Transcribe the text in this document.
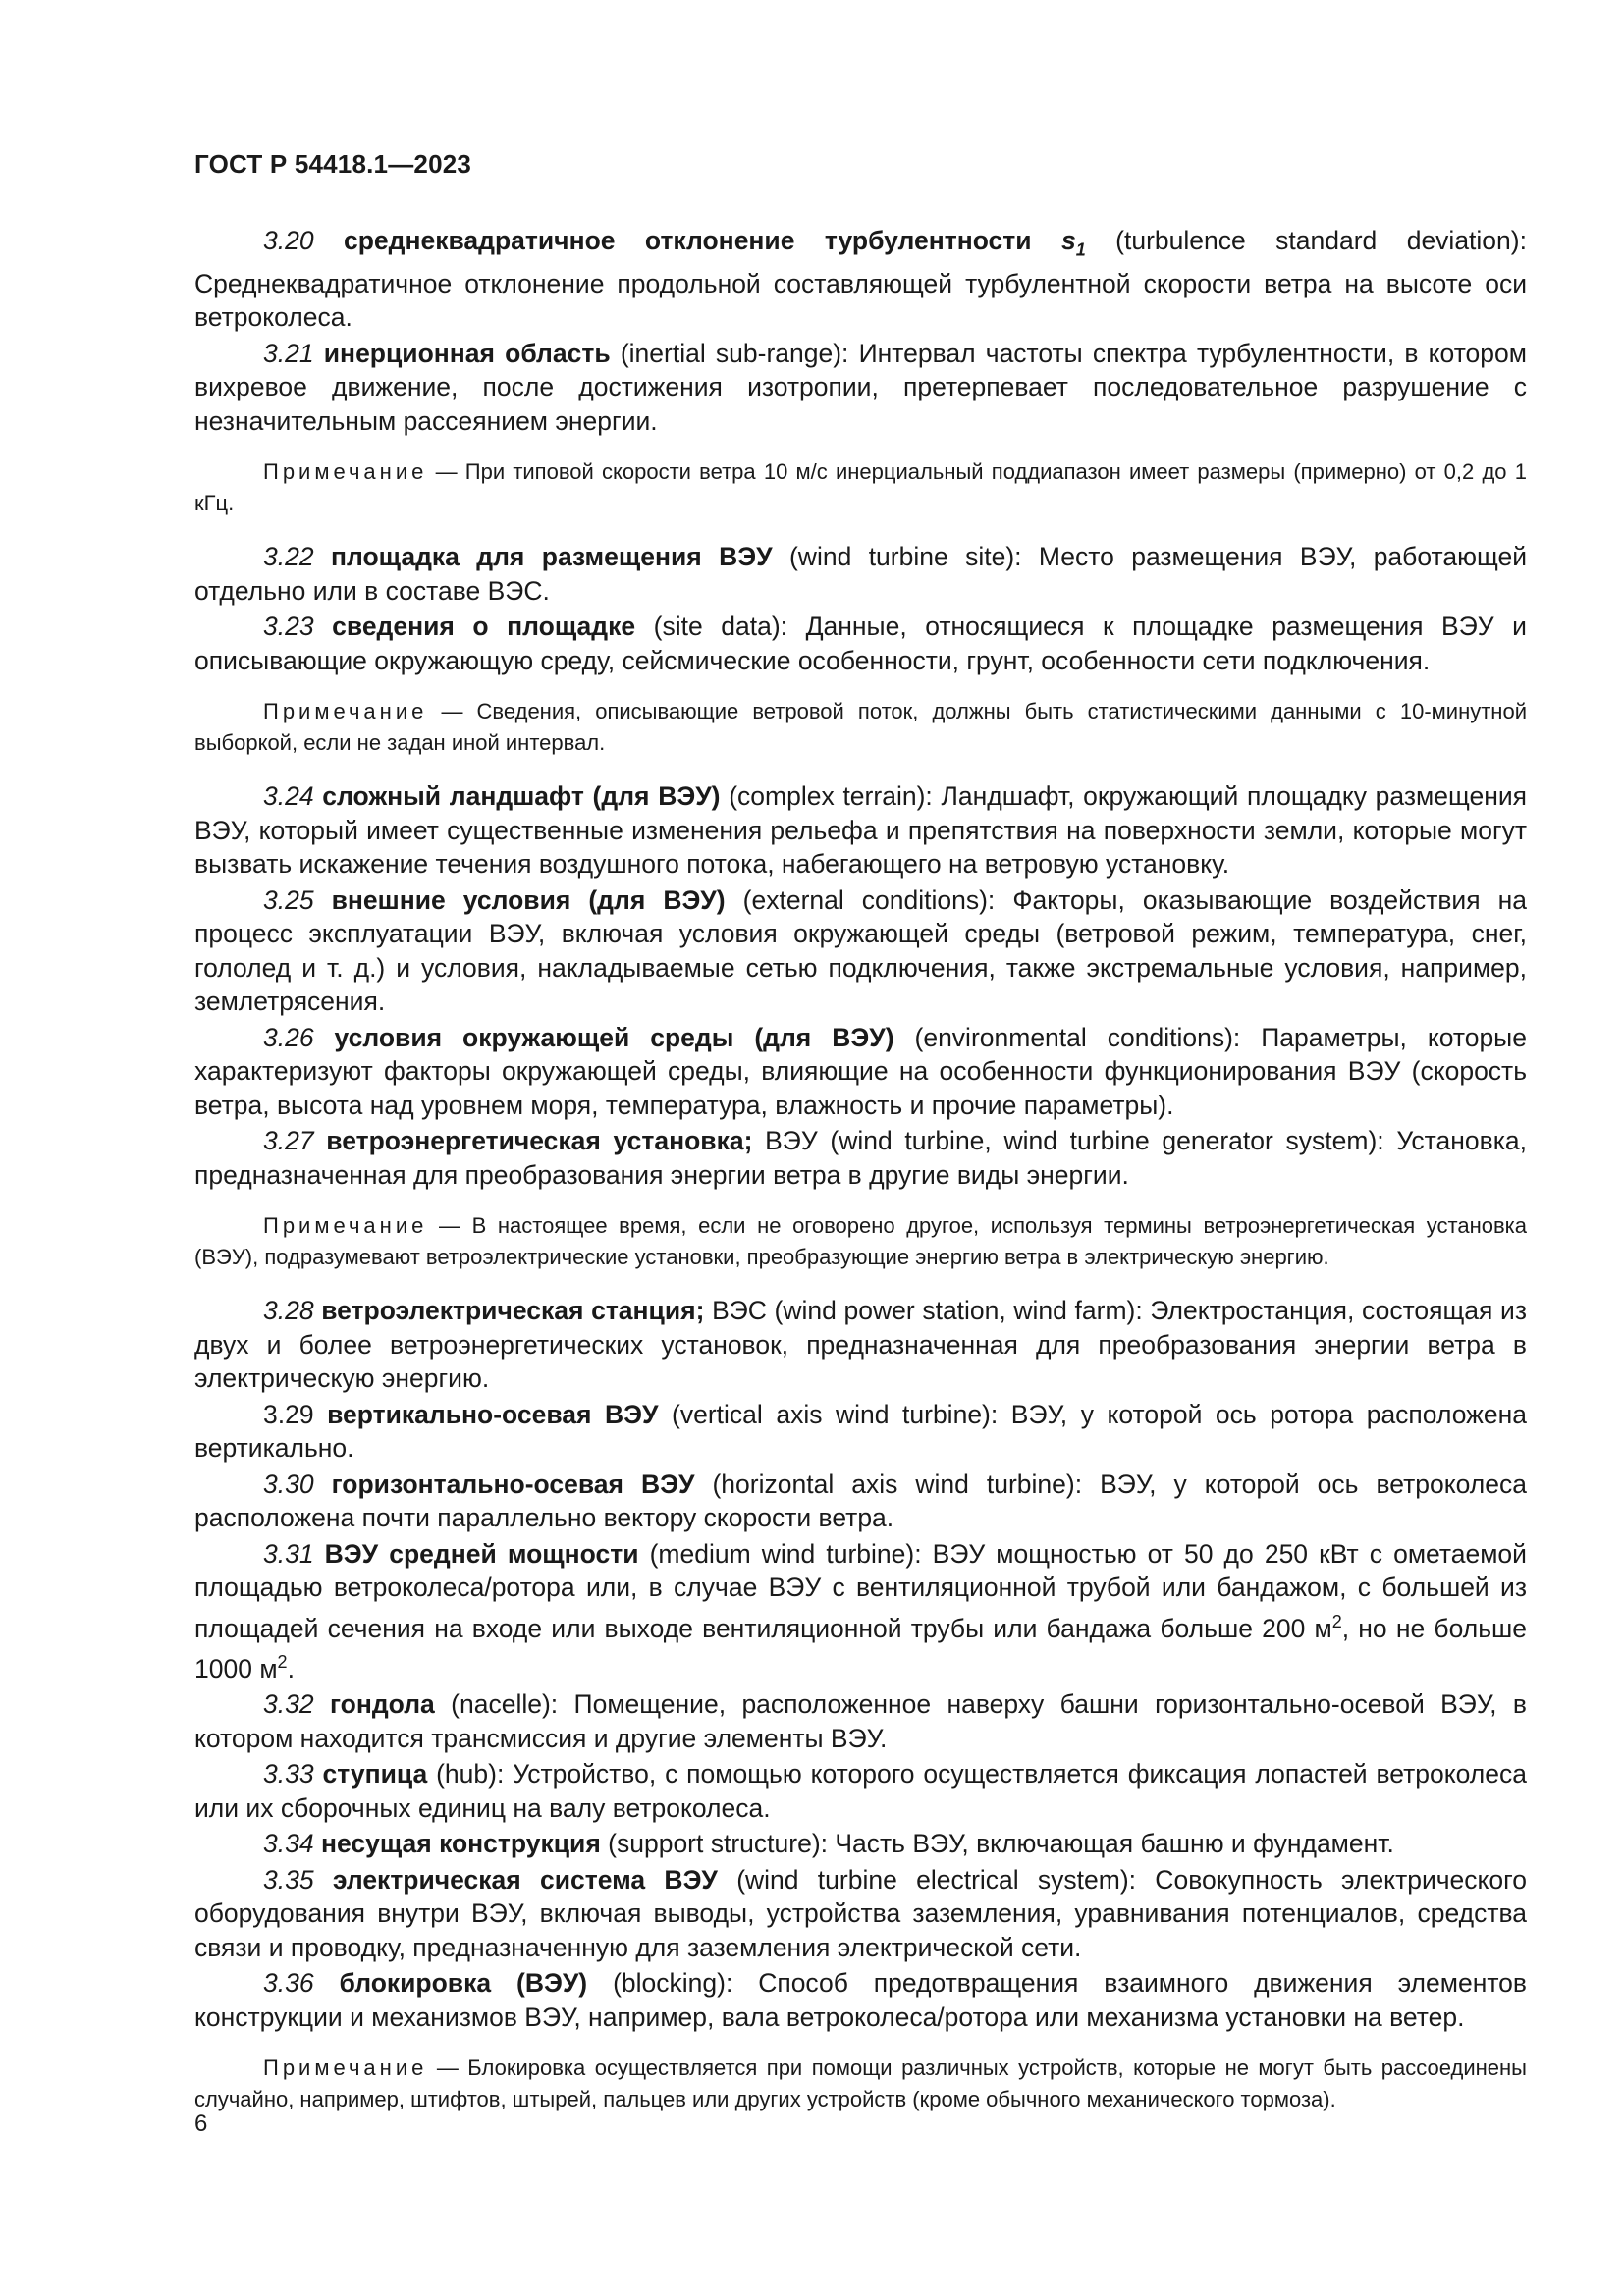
ГОСТ Р 54418.1—2023

3.20 среднеквадратичное отклонение турбулентности $s_1$ (turbulence standard deviation): Среднеквадратичное отклонение продольной составляющей турбулентной скорости ветра на высоте оси ветроколеса.

3.21 инерционная область (inertial sub-range): Интервал частоты спектра турбулентности, в котором вихревое движение, после достижения изотропии, претерпевает последовательное разрушение с незначительным рассеянием энергии.

Примечание — При типовой скорости ветра 10 м/с инерциальный поддиапазон имеет размеры (примерно) от 0,2 до 1 кГц.

3.22 площадка для размещения ВЭУ (wind turbine site): Место размещения ВЭУ, работающей отдельно или в составе ВЭС.

3.23 сведения о площадке (site data): Данные, относящиеся к площадке размещения ВЭУ и описывающие окружающую среду, сейсмические особенности, грунт, особенности сети подключения.

Примечание — Сведения, описывающие ветровой поток, должны быть статистическими данными с 10-минутной выборкой, если не задан иной интервал.

3.24 сложный ландшафт (для ВЭУ) (complex terrain): Ландшафт, окружающий площадку размещения ВЭУ, который имеет существенные изменения рельефа и препятствия на поверхности земли, которые могут вызвать искажение течения воздушного потока, набегающего на ветровую установку.

3.25 внешние условия (для ВЭУ) (external conditions): Факторы, оказывающие воздействия на процесс эксплуатации ВЭУ, включая условия окружающей среды (ветровой режим, температура, снег, гололед и т. д.) и условия, накладываемые сетью подключения, также экстремальные условия, например, землетрясения.

3.26 условия окружающей среды (для ВЭУ) (environmental conditions): Параметры, которые характеризуют факторы окружающей среды, влияющие на особенности функционирования ВЭУ (скорость ветра, высота над уровнем моря, температура, влажность и прочие параметры).

3.27 ветроэнергетическая установка; ВЭУ (wind turbine, wind turbine generator system): Установка, предназначенная для преобразования энергии ветра в другие виды энергии.

Примечание — В настоящее время, если не оговорено другое, используя термины ветроэнергетическая установка (ВЭУ), подразумевают ветроэлектрические установки, преобразующие энергию ветра в электрическую энергию.

3.28 ветроэлектрическая станция; ВЭС (wind power station, wind farm): Электростанция, состоящая из двух и более ветроэнергетических установок, предназначенная для преобразования энергии ветра в электрическую энергию.

3.29 вертикально-осевая ВЭУ (vertical axis wind turbine): ВЭУ, у которой ось ротора расположена вертикально.

3.30 горизонтально-осевая ВЭУ (horizontal axis wind turbine): ВЭУ, у которой ось ветроколеса расположена почти параллельно вектору скорости ветра.

3.31 ВЭУ средней мощности (medium wind turbine): ВЭУ мощностью от 50 до 250 кВт с ометаемой площадью ветроколеса/ротора или, в случае ВЭУ с вентиляционной трубой или бандажом, с большей из площадей сечения на входе или выходе вентиляционной трубы или бандажа больше 200 $м^2$, но не больше 1000 $м^2$.

3.32 гондола (nacelle): Помещение, расположенное наверху башни горизонтально-осевой ВЭУ, в котором находится трансмиссия и другие элементы ВЭУ.

3.33 ступица (hub): Устройство, с помощью которого осуществляется фиксация лопастей ветроколеса или их сборочных единиц на валу ветроколеса.

3.34 несущая конструкция (support structure): Часть ВЭУ, включающая башню и фундамент.

3.35 электрическая система ВЭУ (wind turbine electrical system): Совокупность электрического оборудования внутри ВЭУ, включая выводы, устройства заземления, уравнивания потенциалов, средства связи и проводку, предназначенную для заземления электрической сети.

3.36 блокировка (ВЭУ) (blocking): Способ предотвращения взаимного движения элементов конструкции и механизмов ВЭУ, например, вала ветроколеса/ротора или механизма установки на ветер.

Примечание — Блокировка осуществляется при помощи различных устройств, которые не могут быть рассоединены случайно, например, штифтов, штырей, пальцев или других устройств (кроме обычного механического тормоза).

6
